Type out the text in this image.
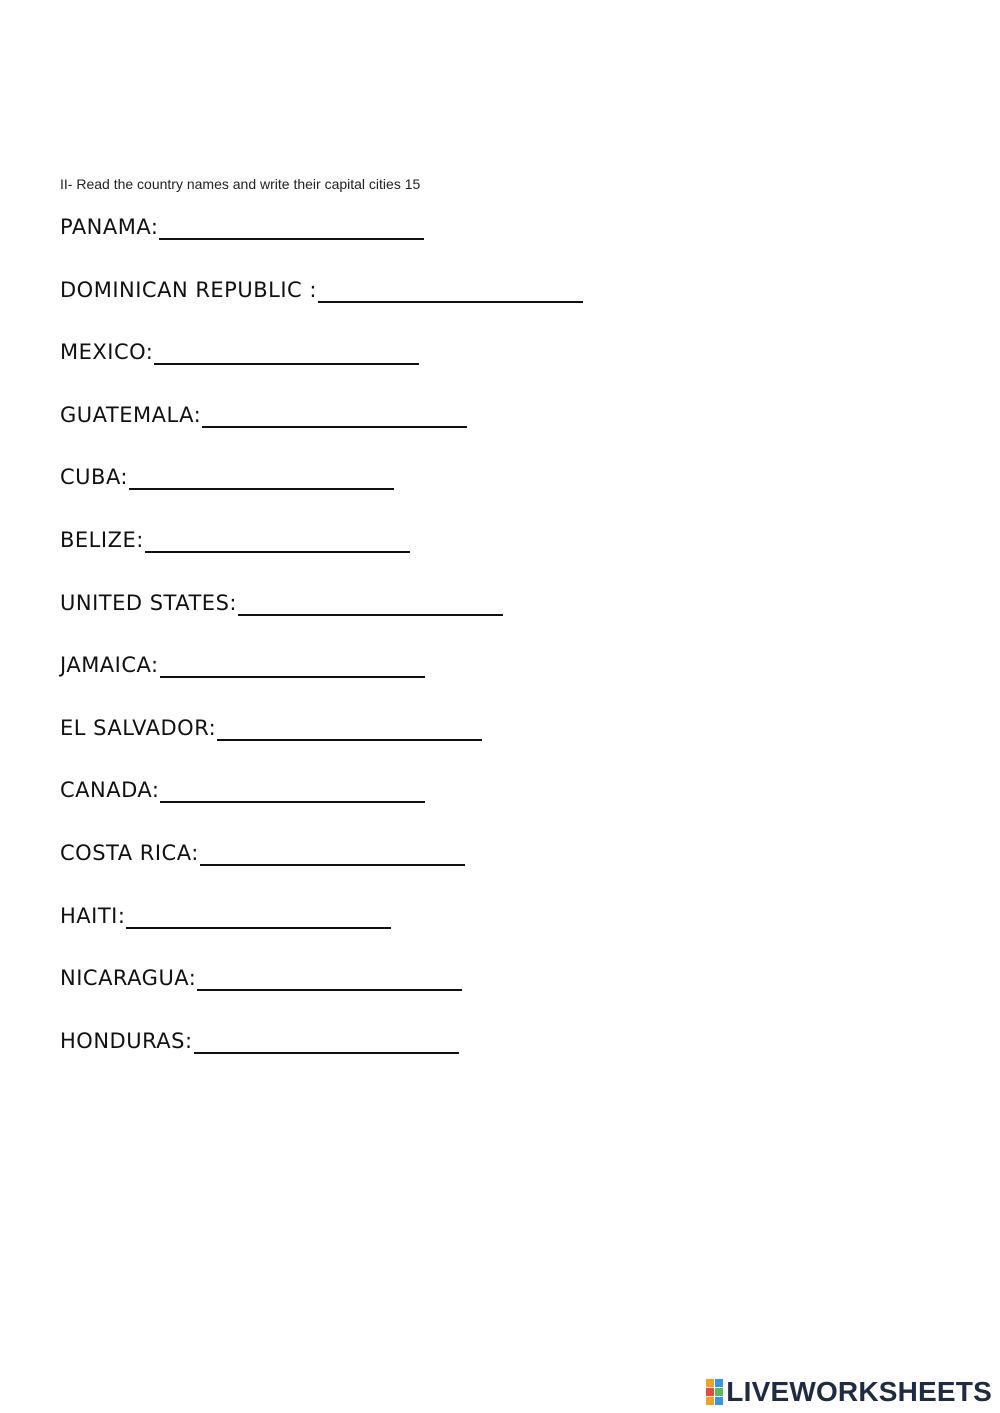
II- Read the country names and write their capital cities 15
PANAMA:
DOMINICAN REPUBLIC :
MEXICO:
GUATEMALA:
CUBA:
BELIZE:
UNITED STATES:
JAMAICA:
EL SALVADOR:
CANADA:
COSTA RICA:
HAITI:
NICARAGUA:
HONDURAS:
LIVEWORKSHEETS
